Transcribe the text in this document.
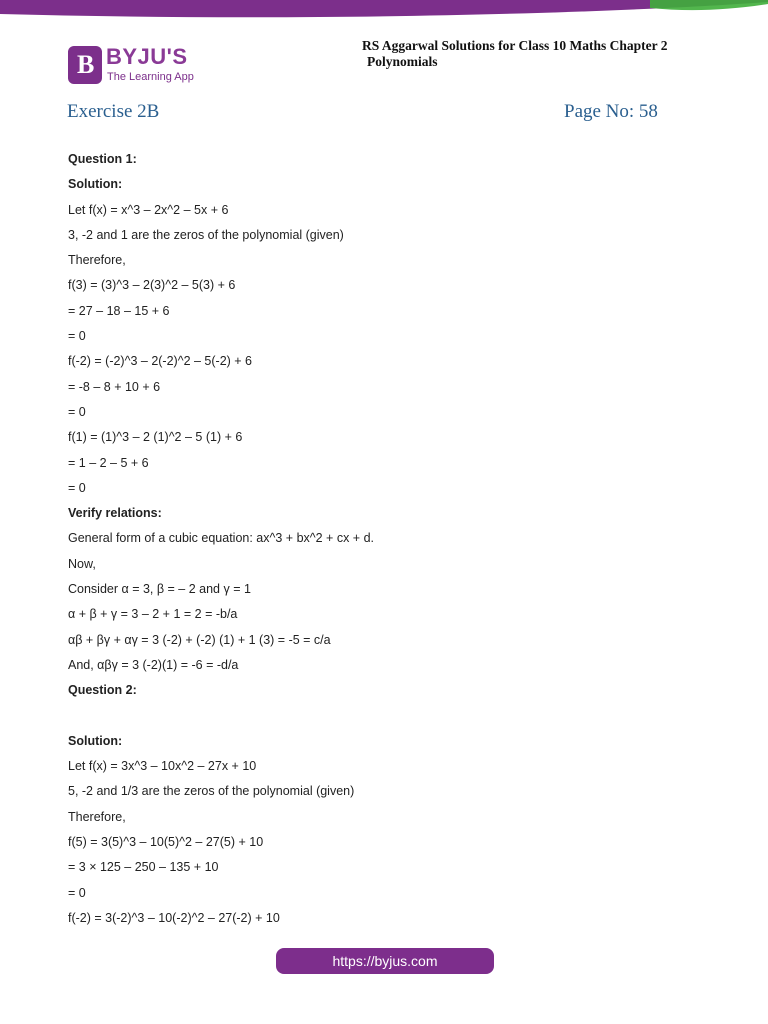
B BYJU'S
The Learning App
RS Aggarwal Solutions for Class 10 Maths Chapter 2
Polynomials
Exercise 2B	Page No: 58
Question 1:
Solution:
Let f(x) = x^3 – 2x^2 – 5x + 6
3, -2 and 1 are the zeros of the polynomial (given)
Therefore,
f(3) = (3)^3 – 2(3)^2 – 5(3) + 6
= 27 – 18 – 15 + 6
= 0
f(-2) = (-2)^3 – 2(-2)^2 – 5(-2) + 6
= -8 – 8 + 10 + 6
= 0
f(1) = (1)^3 – 2 (1)^2 – 5 (1) + 6
= 1 – 2 – 5 + 6
= 0
Verify relations:
General form of a cubic equation: ax^3 + bx^2 + cx + d.
Now,
Consider α = 3, β = – 2 and γ = 1
α + β + γ = 3 – 2 + 1 = 2 = -b/a
αβ + βγ + αγ = 3 (-2) + (-2) (1) + 1 (3) = -5 = c/a
And, αβγ = 3 (-2)(1) = -6 = -d/a
Question 2:
Solution:
Let f(x) = 3x^3 – 10x^2 – 27x + 10
5, -2 and 1/3 are the zeros of the polynomial (given)
Therefore,
f(5) = 3(5)^3 – 10(5)^2 – 27(5) + 10
= 3 × 125 – 250 – 135 + 10
= 0
f(-2) = 3(-2)^3 – 10(-2)^2 – 27(-2) + 10
https://byjus.com
